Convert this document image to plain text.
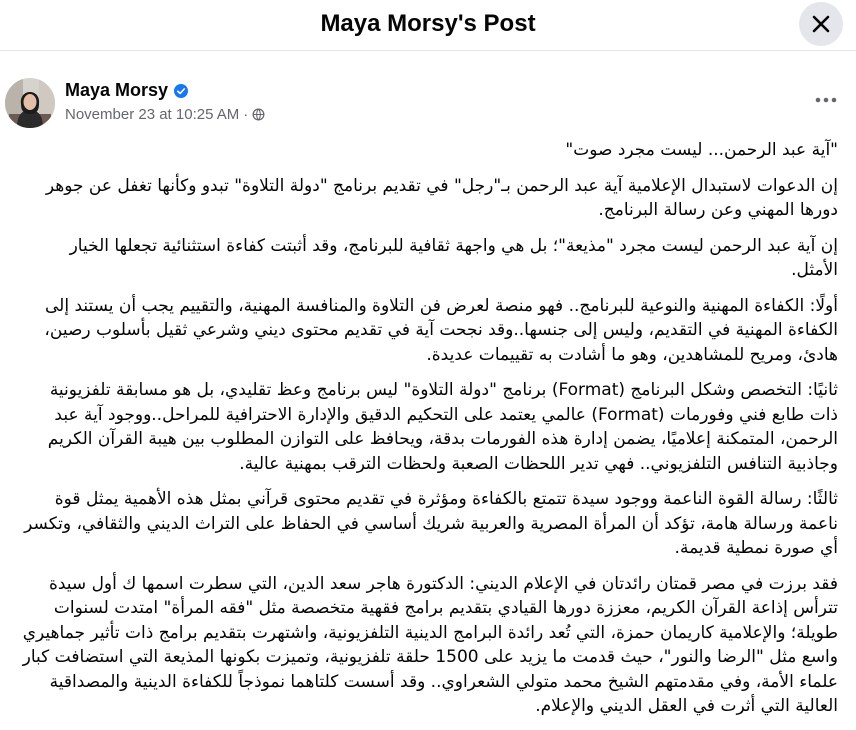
Maya Morsy's Post
Maya Morsy
November 23 at 10:25 AM ·

"آية عبد الرحمن... ليست مجرد صوت"

إن الدعوات لاستبدال الإعلامية آية عبد الرحمن بـ"رجل" في تقديم برنامج "دولة التلاوة" تبدو وكأنها تغفل عن جوهر دورها المهني وعن رسالة البرنامج.

إن آية عبد الرحمن ليست مجرد "مذيعة"؛ بل هي واجهة ثقافية للبرنامج، وقد أثبتت كفاءة استثنائية تجعلها الخيار الأمثل.

أولًا: الكفاءة المهنية والنوعية للبرنامج.. فهو منصة لعرض فن التلاوة والمنافسة المهنية، والتقييم يجب أن يستند إلى الكفاءة المهنية في التقديم، وليس إلى جنسها..وقد نجحت آية في تقديم محتوى ديني وشرعي ثقيل بأسلوب رصين، هادئ، ومريح للمشاهدين، وهو ما أشادت به تقييمات عديدة.

ثانيًا: التخصص وشكل البرنامج (Format) برنامج "دولة التلاوة" ليس برنامج وعظ تقليدي، بل هو مسابقة تلفزيونية ذات طابع فني وفورمات (Format) عالمي يعتمد على التحكيم الدقيق والإدارة الاحترافية للمراحل..ووجود آية عبد الرحمن، المتمكنة إعلاميًا، يضمن إدارة هذه الفورمات بدقة، ويحافظ على التوازن المطلوب بين هيبة القرآن الكريم وجاذبية التنافس التلفزيوني.. فهي تدير اللحظات الصعبة ولحظات الترقب بمهنية عالية.

ثالثًا: رسالة القوة الناعمة ووجود سيدة تتمتع بالكفاءة ومؤثرة في تقديم محتوى قرآني بمثل هذه الأهمية يمثل قوة ناعمة ورسالة هامة، تؤكد أن المرأة المصرية والعربية شريك أساسي في الحفاظ على التراث الديني والثقافي، وتكسر أي صورة نمطية قديمة.

فقد برزت في مصر قمتان رائدتان في الإعلام الديني: الدكتورة هاجر سعد الدين، التي سطرت اسمها ك أول سيدة تترأس إذاعة القرآن الكريم، معززة دورها القيادي بتقديم برامج فقهية متخصصة مثل "فقه المرأة" امتدت لسنوات طويلة؛ والإعلامية كاريمان حمزة، التي تُعد رائدة البرامج الدينية التلفزيونية، واشتهرت بتقديم برامج ذات تأثير جماهيري واسع مثل "الرضا والنور"، حيث قدمت ما يزيد على 1500 حلقة تلفزيونية، وتميزت بكونها المذيعة التي استضافت كبار علماء الأمة، وفي مقدمتهم الشيخ محمد متولي الشعراوي.. وقد أسست كلتاهما نموذجاً للكفاءة الدينية والمصداقية العالية التي أثرت في العقل الديني والإعلام.
